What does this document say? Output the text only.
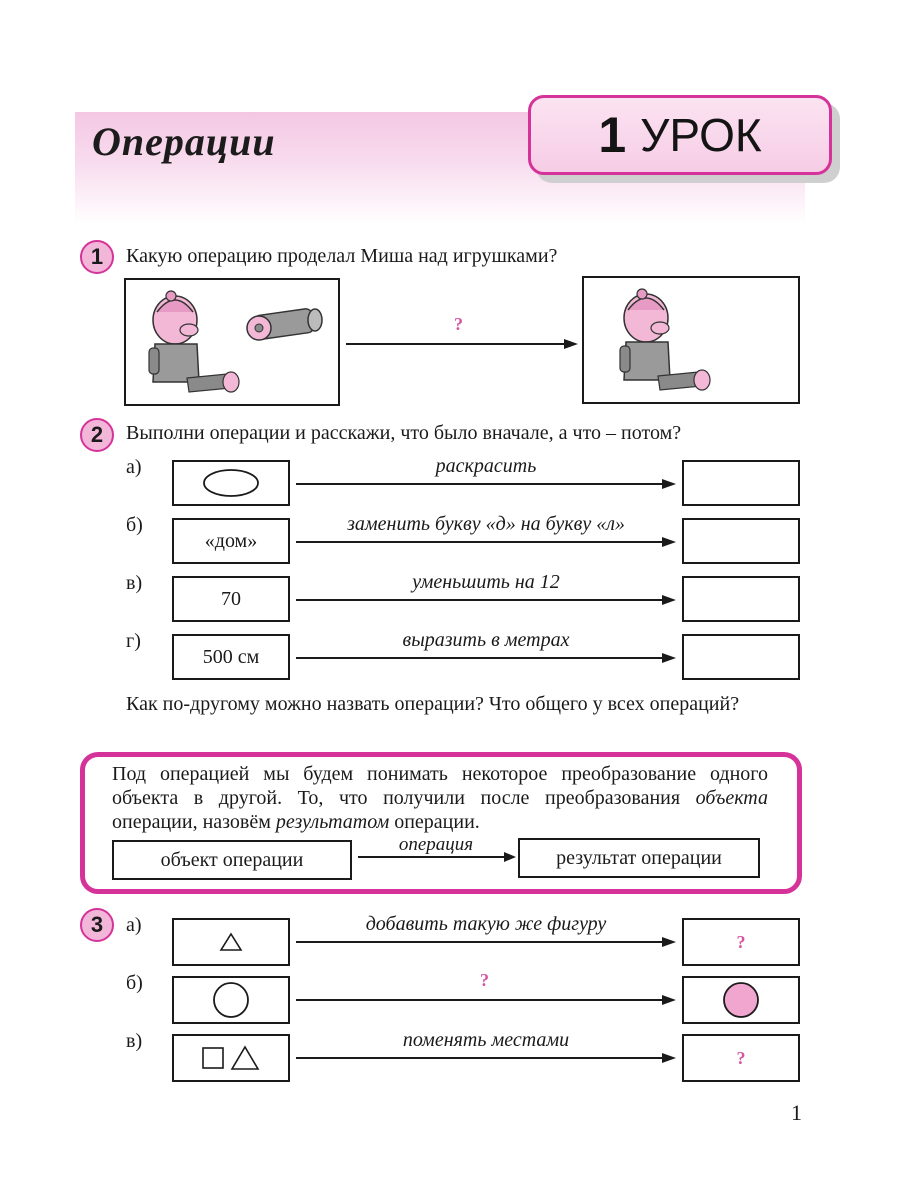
Операции	1 УРОК
1	Какую операцию проделал Миша над игрушками?
?
2	Выполни операции и расскажи, что было вначале, а что – потом?
а)	раскрасить
б)
«дом»
заменить букву «д» на букву «л»
в)
70
уменьшить на 12
г)
500 см
выразить в метрах
Как по-другому можно назвать операции? Что общего у всех операций?
Под операцией мы будем понимать некоторое преобразование одного объекта в другой. То, что получили после преобразования объекта операции, назовём результатом операции.
объект операции
операция
результат операции
3	а)	добавить такую же фигуру
?
б)	?
в)	поменять местами
?
1
